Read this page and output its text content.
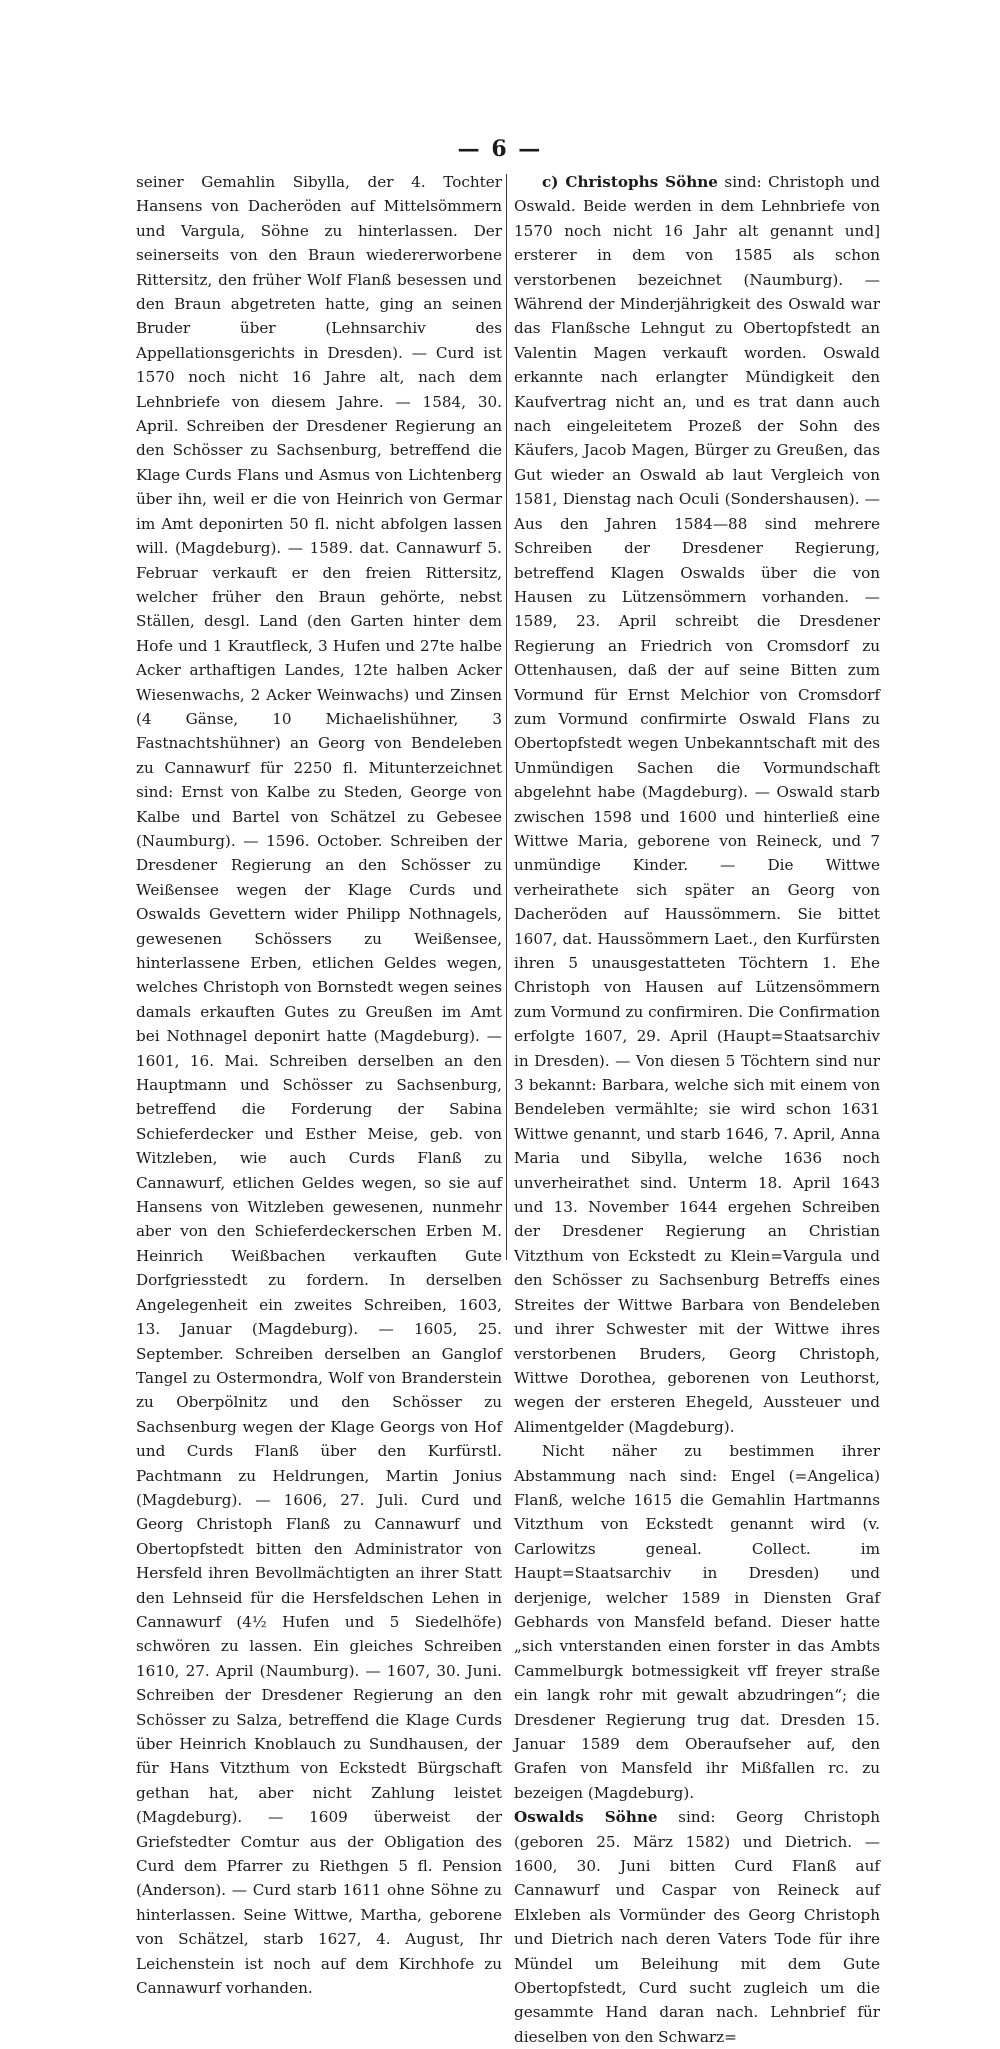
— 6 —

seiner Gemahlin Sibylla, der 4. Tochter Hansens von Dacheröden auf Mittelsömmern und Vargula, Söhne zu hinterlassen. Der seinerseits von den Braun wiedererworbene Rittersitz, den früher Wolf Flanß besessen und den Braun abgetreten hatte, ging an seinen Bruder über (Lehnsarchiv des Appellationsgerichts in Dresden). — Curd ist 1570 noch nicht 16 Jahre alt, nach dem Lehnbriefe von diesem Jahre. — 1584, 30. April. Schreiben der Dresdener Regierung an den Schösser zu Sachsenburg, betreffend die Klage Curds Flans und Asmus von Lichtenberg über ihn, weil er die von Heinrich von Germar im Amt deponirten 50 fl. nicht abfolgen lassen will. (Magdeburg). — 1589. dat. Cannawurf 5. Februar verkauft er den freien Rittersitz, welcher früher den Braun gehörte, nebst Ställen, desgl. Land (den Garten hinter dem Hofe und 1 Krautfleck, 3 Hufen und 27te halbe Acker arthaftigen Landes, 12te halben Acker Wiesenwachs, 2 Acker Weinwachs) und Zinsen (4 Gänse, 10 Michaelishühner, 3 Fastnachtshühner) an Georg von Bendeleben zu Cannawurf für 2250 fl. Mitunterzeichnet sind: Ernst von Kalbe zu Steden, George von Kalbe und Bartel von Schätzel zu Gebesee (Naumburg). — 1596. October. Schreiben der Dresdener Regierung an den Schösser zu Weißensee wegen der Klage Curds und Oswalds Gevettern wider Philipp Nothnagels, gewesenen Schössers zu Weißensee, hinterlassene Erben, etlichen Geldes wegen, welches Christoph von Bornstedt wegen seines damals erkauften Gutes zu Greußen im Amt bei Nothnagel deponirt hatte (Magdeburg). — 1601, 16. Mai. Schreiben derselben an den Hauptmann und Schösser zu Sachsenburg, betreffend die Forderung der Sabina Schieferdecker und Esther Meise, geb. von Witzleben, wie auch Curds Flanß zu Cannawurf, etlichen Geldes wegen, so sie auf Hansens von Witzleben gewesenen, nunmehr aber von den Schieferdeckerschen Erben M. Heinrich Weißbachen verkauften Gute Dorfgriesstedt zu fordern. In derselben Angelegenheit ein zweites Schreiben, 1603, 13. Januar (Magdeburg). — 1605, 25. September. Schreiben derselben an Ganglof Tangel zu Ostermondra, Wolf von Branderstein zu Oberpölnitz und den Schösser zu Sachsenburg wegen der Klage Georgs von Hof und Curds Flanß über den Kurfürstl. Pachtmann zu Heldrungen, Martin Jonius (Magdeburg). — 1606, 27. Juli. Curd und Georg Christoph Flanß zu Cannawurf und Obertopfstedt bitten den Administrator von Hersfeld ihren Bevollmächtigten an ihrer Statt den Lehnseid für die Hersfeldschen Lehen in Cannawurf (4½ Hufen und 5 Siedelhöfe) schwören zu lassen. Ein gleiches Schreiben 1610, 27. April (Naumburg). — 1607, 30. Juni. Schreiben der Dresdener Regierung an den Schösser zu Salza, betreffend die Klage Curds über Heinrich Knoblauch zu Sundhausen, der für Hans Vitzthum von Eckstedt Bürgschaft gethan hat, aber nicht Zahlung leistet (Magdeburg). — 1609 überweist der Griefstedter Comtur aus der Obligation des Curd dem Pfarrer zu Riethgen 5 fl. Pension (Anderson). — Curd starb 1611 ohne Söhne zu hinterlassen. Seine Wittwe, Martha, geborene von Schätzel, starb 1627, 4. August, Ihr Leichenstein ist noch auf dem Kirchhofe zu Cannawurf vorhanden.

c) Christophs Söhne sind: Christoph und Oswald. Beide werden in dem Lehnbriefe von 1570 noch nicht 16 Jahr alt genannt und] ersterer in dem von 1585 als schon verstorbenen bezeichnet (Naumburg). — Während der Minderjährigkeit des Oswald war das Flanßsche Lehngut zu Obertopfstedt an Valentin Magen verkauft worden. Oswald erkannte nach erlangter Mündigkeit den Kaufvertrag nicht an, und es trat dann auch nach eingeleitetem Prozeß der Sohn des Käufers, Jacob Magen, Bürger zu Greußen, das Gut wieder an Oswald ab laut Vergleich von 1581, Dienstag nach Oculi (Sondershausen). — Aus den Jahren 1584—88 sind mehrere Schreiben der Dresdener Regierung, betreffend Klagen Oswalds über die von Hausen zu Lützensömmern vorhanden. — 1589, 23. April schreibt die Dresdener Regierung an Friedrich von Cromsdorf zu Ottenhausen, daß der auf seine Bitten zum Vormund für Ernst Melchior von Cromsdorf zum Vormund confirmirte Oswald Flans zu Obertopfstedt wegen Unbekanntschaft mit des Unmündigen Sachen die Vormundschaft abgelehnt habe (Magdeburg). — Oswald starb zwischen 1598 und 1600 und hinterließ eine Wittwe Maria, geborene von Reineck, und 7 unmündige Kinder. — Die Wittwe verheirathete sich später an Georg von Dacheröden auf Haussömmern. Sie bittet 1607, dat. Haussömmern Laet., den Kurfürsten ihren 5 unausgestatteten Töchtern 1. Ehe Christoph von Hausen auf Lützensömmern zum Vormund zu confirmiren. Die Confirmation erfolgte 1607, 29. April (Haupt=Staatsarchiv in Dresden). — Von diesen 5 Töchtern sind nur 3 bekannt: Barbara, welche sich mit einem von Bendeleben vermählte; sie wird schon 1631 Wittwe genannt, und starb 1646, 7. April, Anna Maria und Sibylla, welche 1636 noch unverheirathet sind. Unterm 18. April 1643 und 13. November 1644 ergehen Schreiben der Dresdener Regierung an Christian Vitzthum von Eckstedt zu Klein=Vargula und den Schösser zu Sachsenburg Betreffs eines Streites der Wittwe Barbara von Bendeleben und ihrer Schwester mit der Wittwe ihres verstorbenen Bruders, Georg Christoph, Wittwe Dorothea, geborenen von Leuthorst, wegen der ersteren Ehegeld, Aussteuer und Alimentgelder (Magdeburg).

Nicht näher zu bestimmen ihrer Abstammung nach sind: Engel (=Angelica) Flanß, welche 1615 die Gemahlin Hartmanns Vitzthum von Eckstedt genannt wird (v. Carlowitzs geneal. Collect. im Haupt=Staatsarchiv in Dresden) und derjenige, welcher 1589 in Diensten Graf Gebhards von Mansfeld befand. Dieser hatte „sich vnterstanden einen forster in das Ambts Cammelburgk botmessigkeit vff freyer straße ein langk rohr mit gewalt abzudringen“; die Dresdener Regierung trug dat. Dresden 15. Januar 1589 dem Oberaufseher auf, den Grafen von Mansfeld ihr Mißfallen rc. zu bezeigen (Magdeburg).

Oswalds Söhne sind: Georg Christoph (geboren 25. März 1582) und Dietrich. — 1600, 30. Juni bitten Curd Flanß auf Cannawurf und Caspar von Reineck auf Elxleben als Vormünder des Georg Christoph und Dietrich nach deren Vaters Tode für ihre Mündel um Beleihung mit dem Gute Obertopfstedt, Curd sucht zugleich um die gesammte Hand daran nach. Lehnbrief für dieselben von den Schwarz=
